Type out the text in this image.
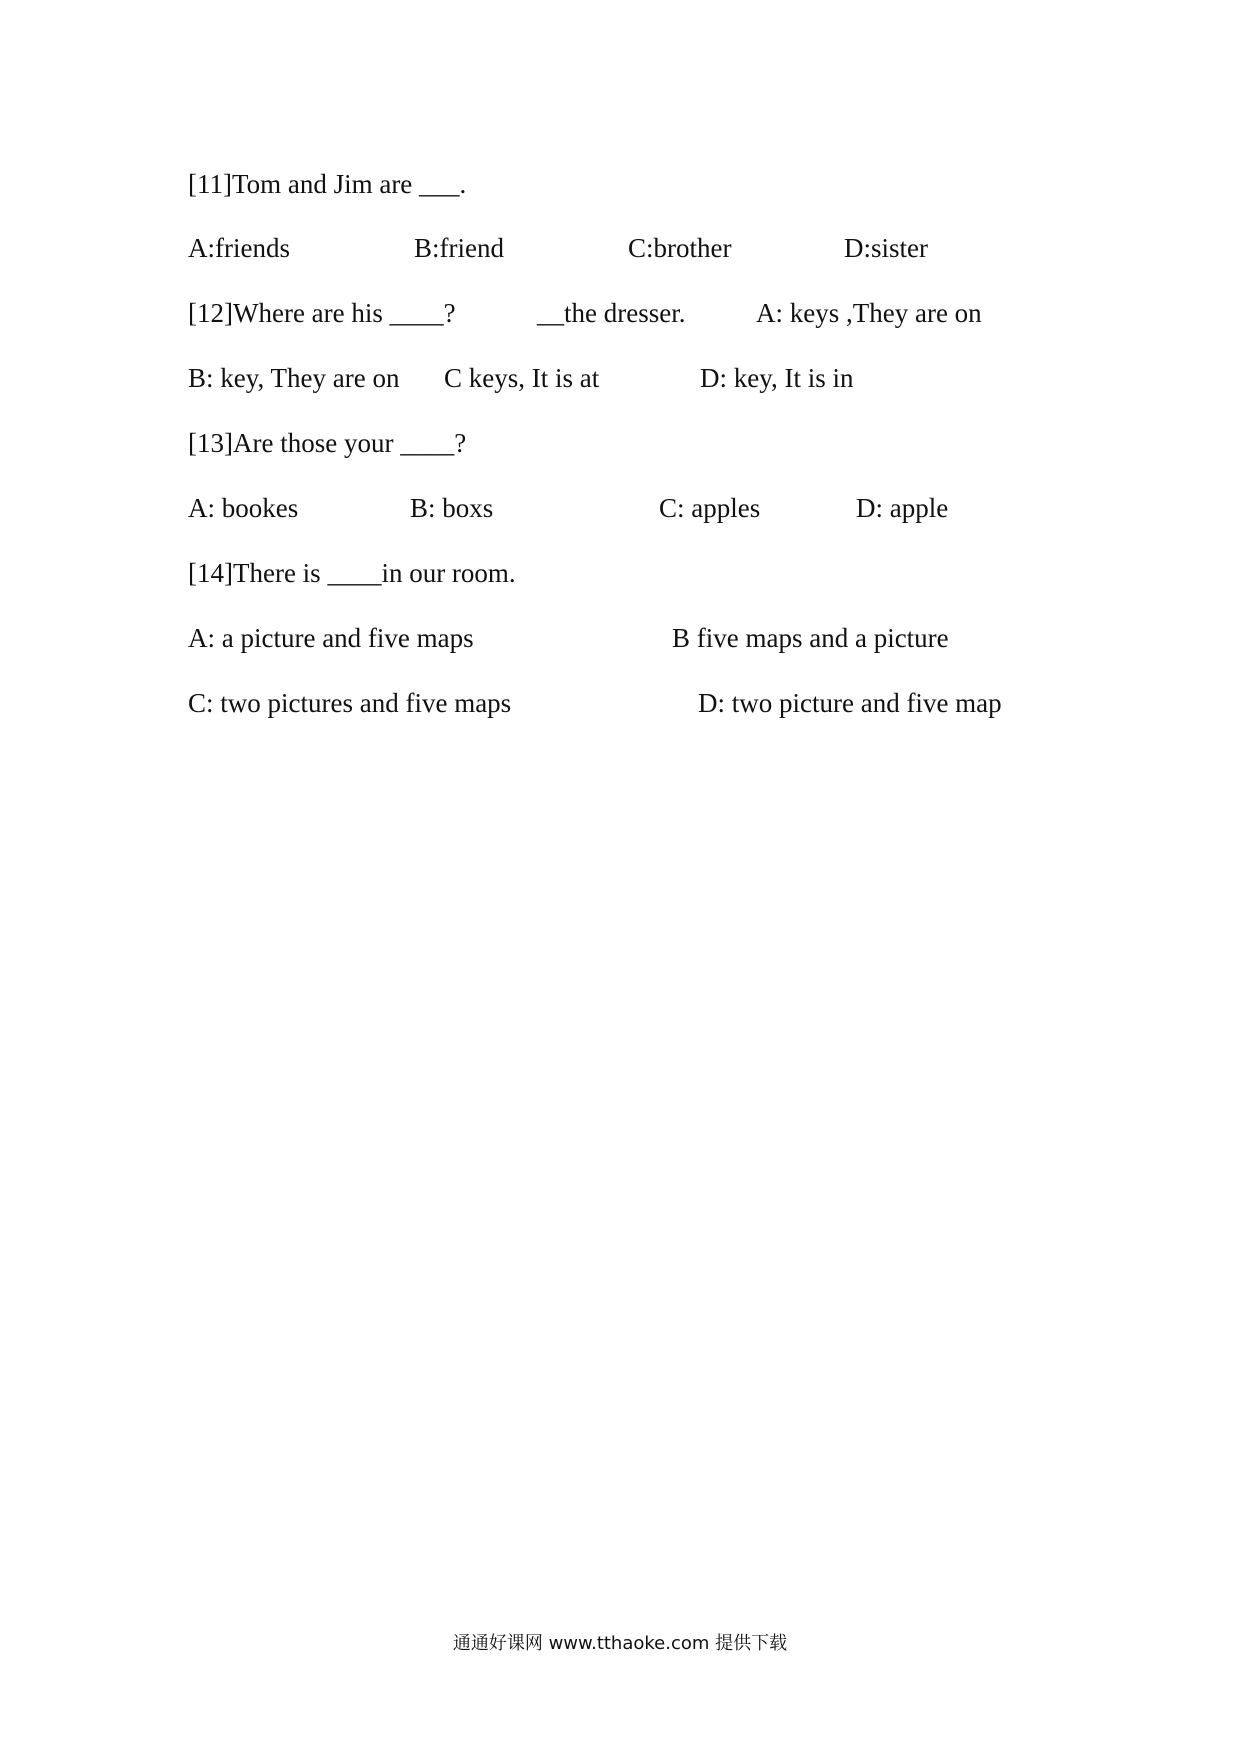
[11]Tom and Jim are ___.

A:friends

	B:friend

	C:brother

	D:sister

[12]Where are his ____?

	__the dresser.

	A: keys ,They are on

B: key, They are on

C keys, It is at

	D: key, It is in

[13]Are those your ____?

A: bookes

	B: boxs

	C: apples

	D: apple

[14]There is ____in our room.

A: a picture and five maps

	B five maps and a picture

C: two pictures and five maps

	D: two picture and five map

通通好课网 www.tthaoke.com 提供下载
